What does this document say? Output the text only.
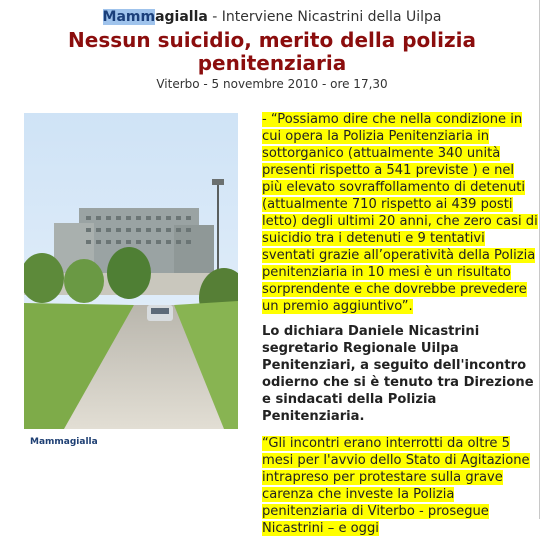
Mammagialla - Interviene Nicastrini della Uilpa
Nessun suicidio, merito della polizia penitenziaria
Viterbo - 5 novembre 2010 - ore 17,30
Mammagialla

- “Possiamo dire che nella condizione in cui opera la Polizia Penitenziaria in sottorganico (attualmente 340 unità presenti rispetto a 541 previste ) e nel più elevato sovraffollamento di detenuti (attualmente 710 rispetto ai 439 posti letto) degli ultimi 20 anni, che zero casi di suicidio tra i detenuti e 9 tentativi sventati grazie all’operatività della Polizia penitenziaria in 10 mesi è un risultato sorprendente e che dovrebbe prevedere un premio aggiuntivo”.

Lo dichiara Daniele Nicastrini segretario Regionale Uilpa Penitenziari, a seguito dell'incontro odierno che si è tenuto tra Direzione e sindacati della Polizia Penitenziaria.

“Gli incontri erano interrotti da oltre 5 mesi per l'avvio dello Stato di Agitazione intrapreso per protestare sulla grave carenza che investe la Polizia penitenziaria di Viterbo - prosegue Nicastrini – e oggi
